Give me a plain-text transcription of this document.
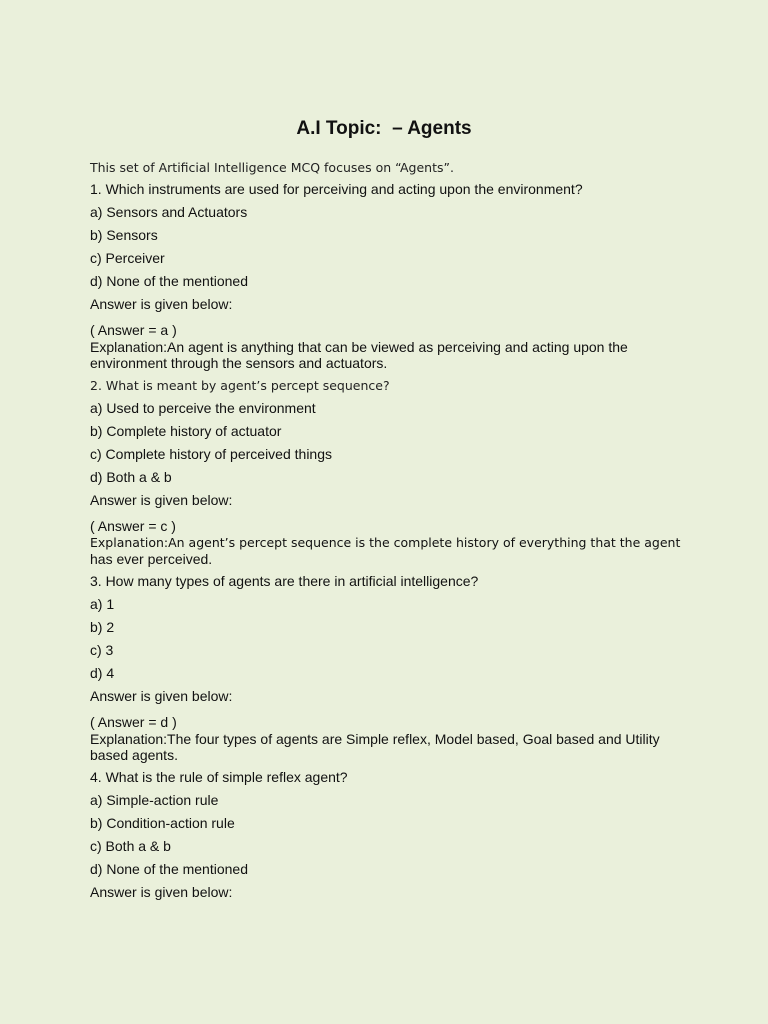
A.I Topic:  – Agents
This set of Artificial Intelligence MCQ focuses on “Agents”.
1. Which instruments are used for perceiving and acting upon the environment?
a) Sensors and Actuators
b) Sensors
c) Perceiver
d) None of the mentioned
Answer is given below:
( Answer = a )
Explanation:An agent is anything that can be viewed as perceiving and acting upon the
environment through the sensors and actuators.
2. What is meant by agent’s percept sequence?
a) Used to perceive the environment
b) Complete history of actuator
c) Complete history of perceived things
d) Both a & b
Answer is given below:
( Answer = c )
Explanation:An agent’s percept sequence is the complete history of everything that the agent
has ever perceived.
3. How many types of agents are there in artificial intelligence?
a) 1
b) 2
c) 3
d) 4
Answer is given below:
( Answer = d )
Explanation:The four types of agents are Simple reflex, Model based, Goal based and Utility
based agents.
4. What is the rule of simple reflex agent?
a) Simple-action rule
b) Condition-action rule
c) Both a & b
d) None of the mentioned
Answer is given below:
